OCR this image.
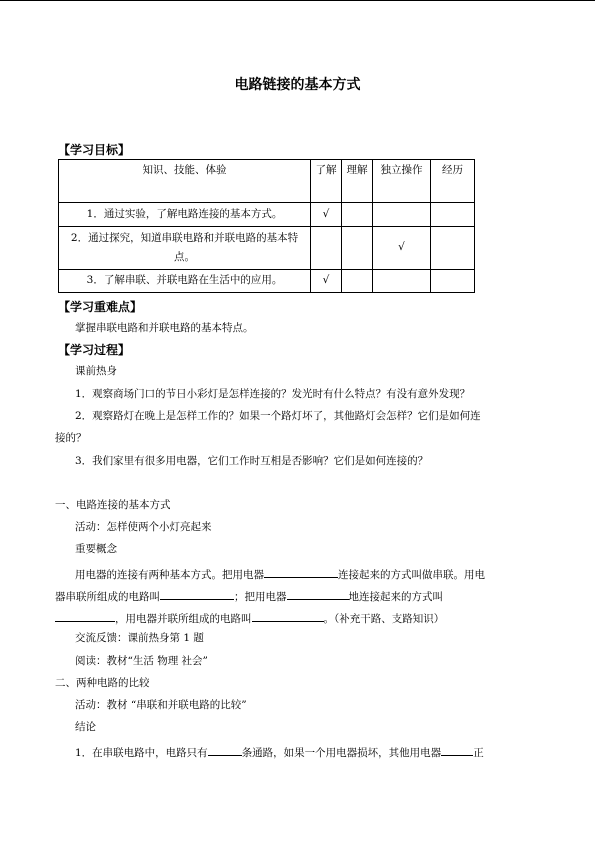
电路链接的基本方式
【学习目标】
知识、技能、体验	了解	理解	独立操作	经历
1．通过实验，了解电路连接的基本方式。	√			
2．通过探究，知道串联电路和并联电路的基本特点。			√	
3．了解串联、并联电路在生活中的应用。	√			
【学习重难点】
掌握串联电路和并联电路的基本特点。
【学习过程】
课前热身
1．观察商场门口的节日小彩灯是怎样连接的？发光时有什么特点？有没有意外发现？
2．观察路灯在晚上是怎样工作的？如果一个路灯坏了，其他路灯会怎样？它们是如何连
接的？
3．我们家里有很多用电器，它们工作时互相是否影响？它们是如何连接的？
一、电路连接的基本方式
活动：怎样使两个小灯亮起来
重要概念
用电器的连接有两种基本方式。把用电器	连接起来的方式叫做串联。用电
器串联所组成的电路叫	；把用电器	地连接起来的方式叫
，用电器并联所组成的电路叫	。（补充干路、支路知识）
交流反馈：课前热身第 1 题
阅读：教材“生活 物理 社会”
二、两种电路的比较
活动：教材 “串联和并联电路的比较”
结论
1．在串联电路中，电路只有	条通路，如果一个用电器损坏，其他用电器	正
